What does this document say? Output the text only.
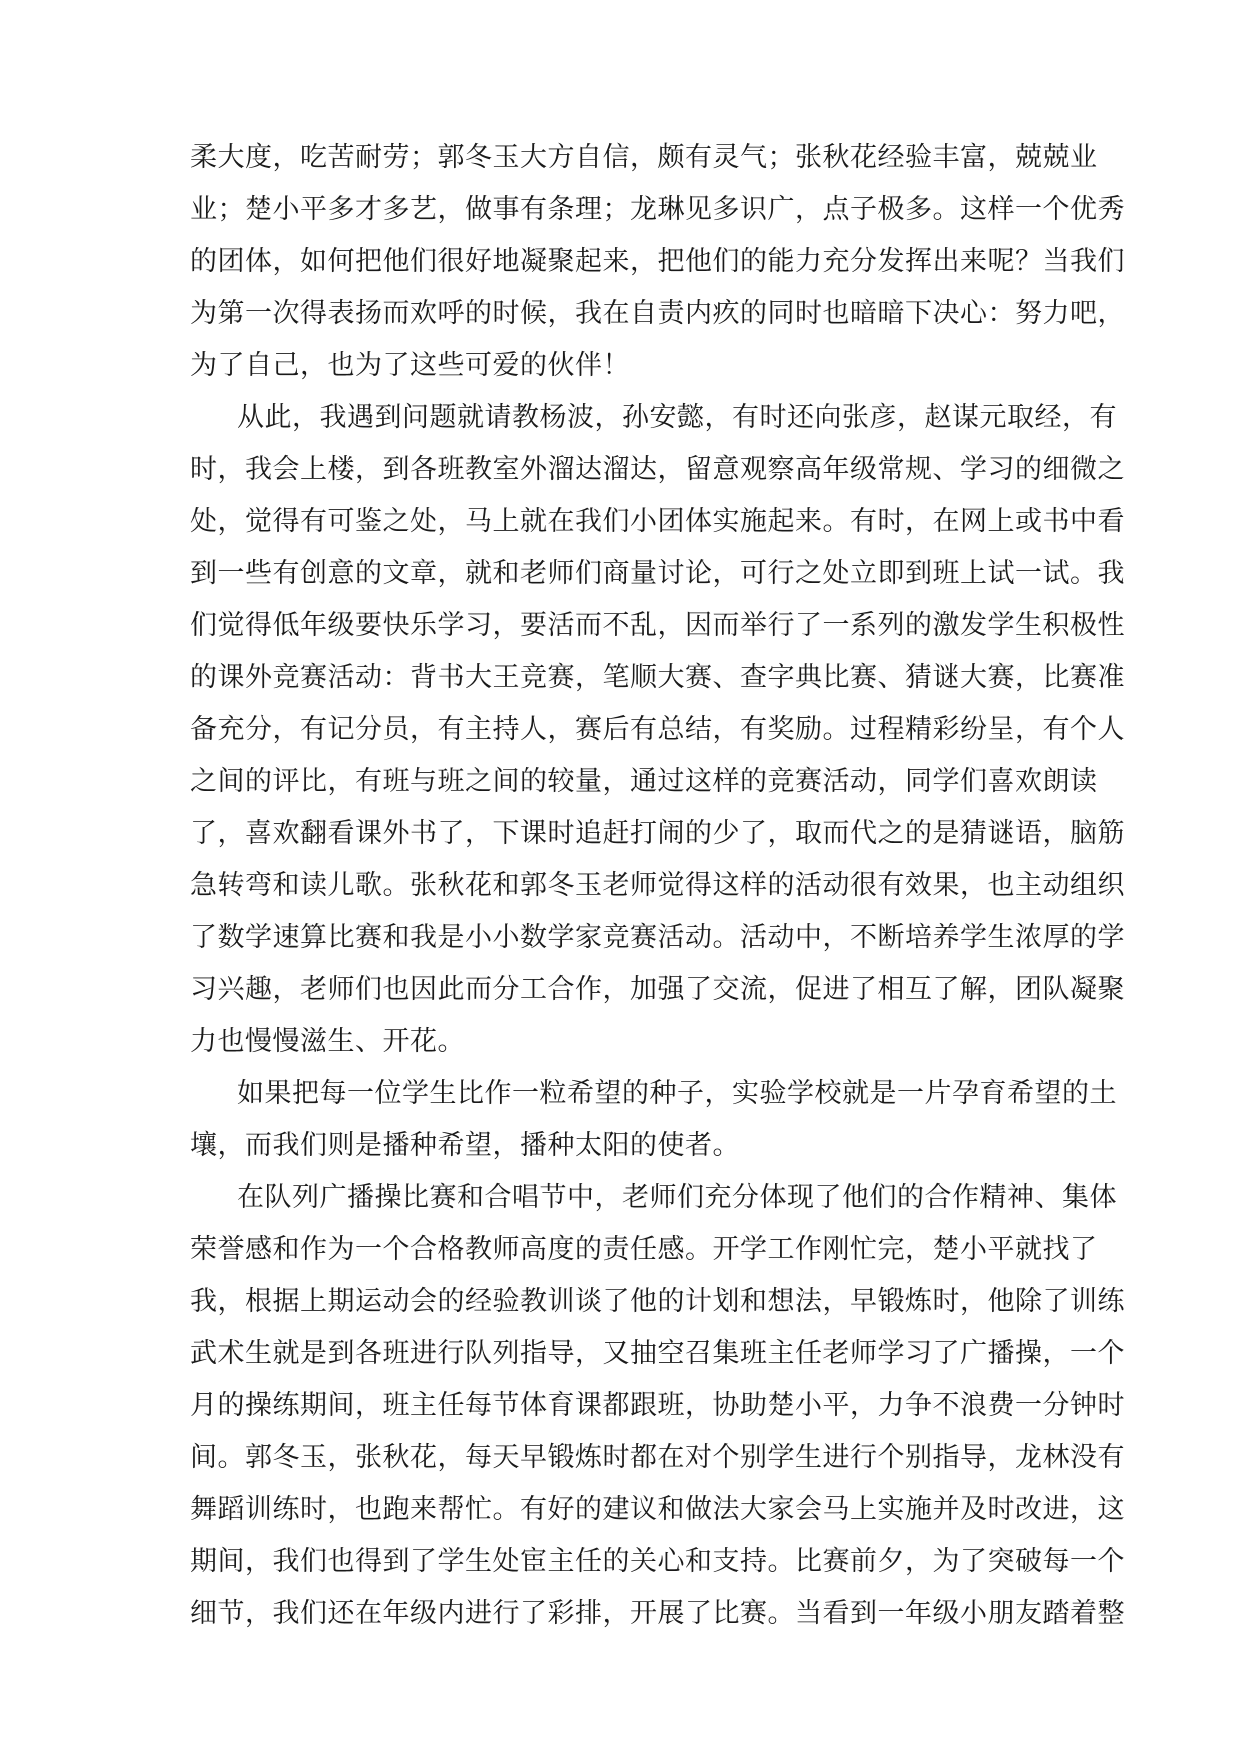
柔大度，吃苦耐劳；郭冬玉大方自信，颇有灵气；张秋花经验丰富，兢兢业
业；楚小平多才多艺，做事有条理；龙琳见多识广，点子极多。这样一个优秀
的团体，如何把他们很好地凝聚起来，把他们的能力充分发挥出来呢？当我们
为第一次得表扬而欢呼的时候，我在自责内疚的同时也暗暗下决心：努力吧，
为了自己，也为了这些可爱的伙伴！
从此，我遇到问题就请教杨波，孙安懿，有时还向张彦，赵谋元取经，有
时，我会上楼，到各班教室外溜达溜达，留意观察高年级常规、学习的细微之
处，觉得有可鉴之处，马上就在我们小团体实施起来。有时，在网上或书中看
到一些有创意的文章，就和老师们商量讨论，可行之处立即到班上试一试。我
们觉得低年级要快乐学习，要活而不乱，因而举行了一系列的激发学生积极性
的课外竞赛活动：背书大王竞赛，笔顺大赛、查字典比赛、猜谜大赛，比赛准
备充分，有记分员，有主持人，赛后有总结，有奖励。过程精彩纷呈，有个人
之间的评比，有班与班之间的较量，通过这样的竞赛活动，同学们喜欢朗读
了，喜欢翻看课外书了，下课时追赶打闹的少了，取而代之的是猜谜语，脑筋
急转弯和读儿歌。张秋花和郭冬玉老师觉得这样的活动很有效果，也主动组织
了数学速算比赛和我是小小数学家竞赛活动。活动中，不断培养学生浓厚的学
习兴趣，老师们也因此而分工合作，加强了交流，促进了相互了解，团队凝聚
力也慢慢滋生、开花。
如果把每一位学生比作一粒希望的种子，实验学校就是一片孕育希望的土
壤，而我们则是播种希望，播种太阳的使者。
在队列广播操比赛和合唱节中，老师们充分体现了他们的合作精神、集体
荣誉感和作为一个合格教师高度的责任感。开学工作刚忙完，楚小平就找了
我，根据上期运动会的经验教训谈了他的计划和想法，早锻炼时，他除了训练
武术生就是到各班进行队列指导，又抽空召集班主任老师学习了广播操，一个
月的操练期间，班主任每节体育课都跟班，协助楚小平，力争不浪费一分钟时
间。郭冬玉，张秋花，每天早锻炼时都在对个别学生进行个别指导，龙林没有
舞蹈训练时，也跑来帮忙。有好的建议和做法大家会马上实施并及时改进，这
期间，我们也得到了学生处宦主任的关心和支持。比赛前夕，为了突破每一个
细节，我们还在年级内进行了彩排，开展了比赛。当看到一年级小朋友踏着整
